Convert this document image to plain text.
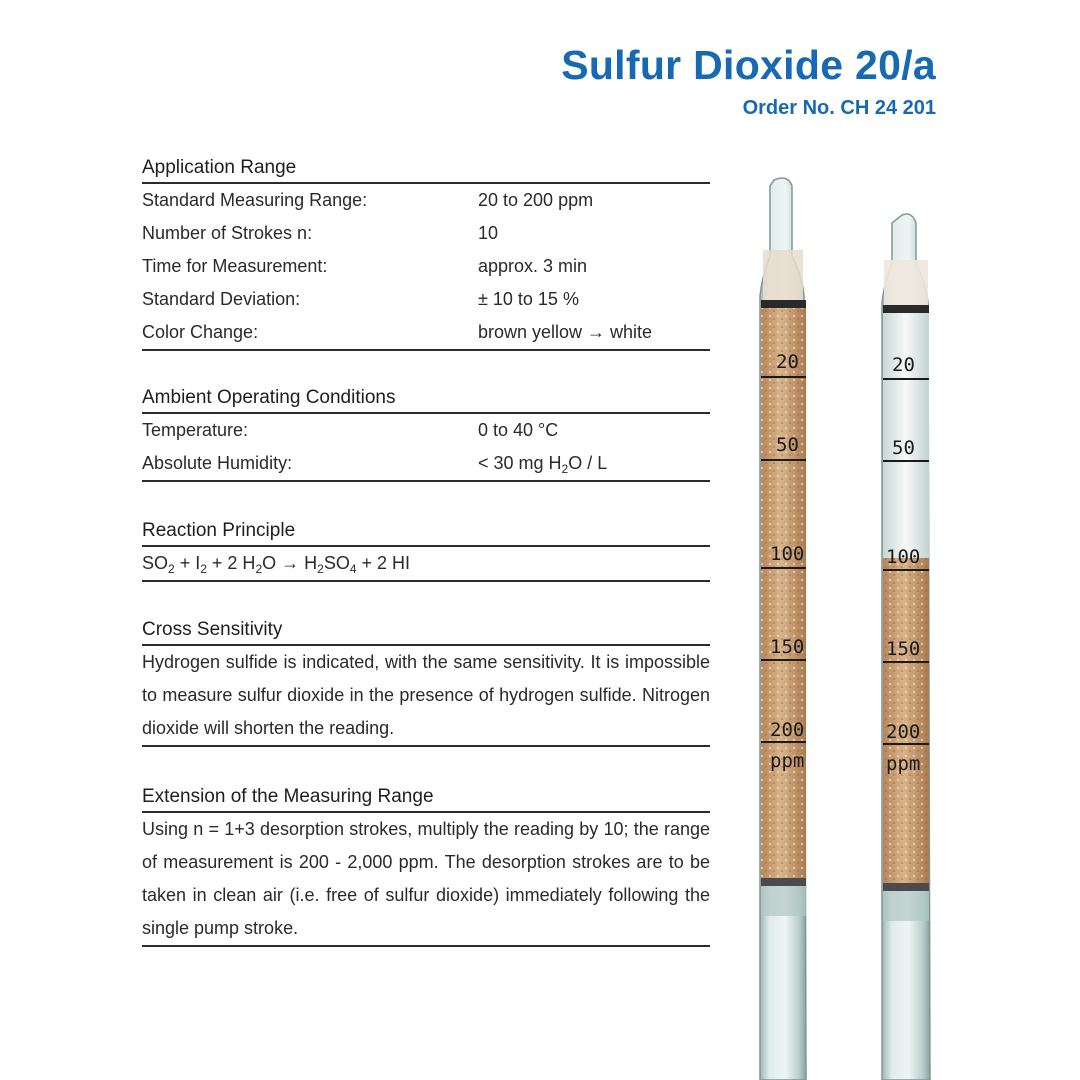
Sulfur Dioxide 20/a
Order No. CH 24 201
Application Range
Standard Measuring Range:	20 to 200 ppm
Number of Strokes n:	10
Time for Measurement:	approx. 3 min
Standard Deviation:	± 10 to 15 %
Color Change:	brown yellow → white
Ambient Operating Conditions
Temperature:	0 to 40 °C
Absolute Humidity:	< 30 mg $H_2O$ / L
Reaction Principle
$SO_2 + I_2 + 2$ $H_2O \to H_2SO_4 + 2$ HI
Cross Sensitivity
Hydrogen sulfide is indicated, with the same sensitivity. It is impossible to measure sulfur dioxide in the presence of hydrogen sulfide. Nitrogen dioxide will shorten the reading.
Extension of the Measuring Range
Using n = 1+3 desorption strokes, multiply the reading by 10; the range of measurement is 200 - 2,000 ppm. The desorption strokes are to be taken in clean air (i.e. free of sulfur dioxide) immediately following the single pump stroke.
20
50
100
150
200
ppm
20
50
100
150
200
ppm
